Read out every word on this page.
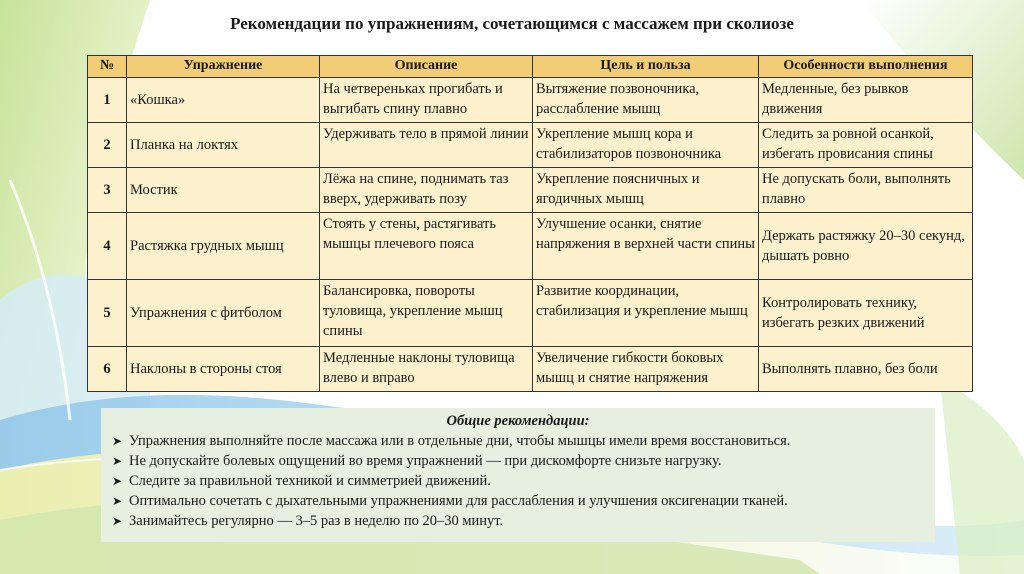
Рекомендации по упражнениям, сочетающимся с массажем при сколиозе
№	Упражнение	Описание	Цель и польза	Особенности выполнения
1	«Кошка»	На четвереньках прогибать и выгибать спину плавно	Вытяжение позвоночника, расслабление мышц	Медленные, без рывков движения
2	Планка на локтях	Удерживать тело в прямой линии	Укрепление мышц кора и стабилизаторов позвоночника	Следить за ровной осанкой, избегать провисания спины
3	Мостик	Лёжа на спине, поднимать таз вверх, удерживать позу	Укрепление поясничных и ягодичных мышц	Не допускать боли, выполнять плавно
4	Растяжка грудных мышц	Стоять у стены, растягивать мышцы плечевого пояса	Улучшение осанки, снятие напряжения в верхней части спины	Держать растяжку 20–30 секунд, дышать ровно
5	Упражнения с фитболом	Балансировка, повороты туловища, укрепление мышц спины	Развитие координации, стабилизация и укрепление мышц	Контролировать технику, избегать резких движений
6	Наклоны в стороны стоя	Медленные наклоны туловища влево и вправо	Увеличение гибкости боковых мышц и снятие напряжения	Выполнять плавно, без боли
Общие рекомендации:
➤ Упражнения выполняйте после массажа или в отдельные дни, чтобы мышцы имели время восстановиться.
➤ Не допускайте болевых ощущений во время упражнений — при дискомфорте снизьте нагрузку.
➤ Следите за правильной техникой и симметрией движений.
➤ Оптимально сочетать с дыхательными упражнениями для расслабления и улучшения оксигенации тканей.
➤ Занимайтесь регулярно — 3–5 раз в неделю по 20–30 минут.
